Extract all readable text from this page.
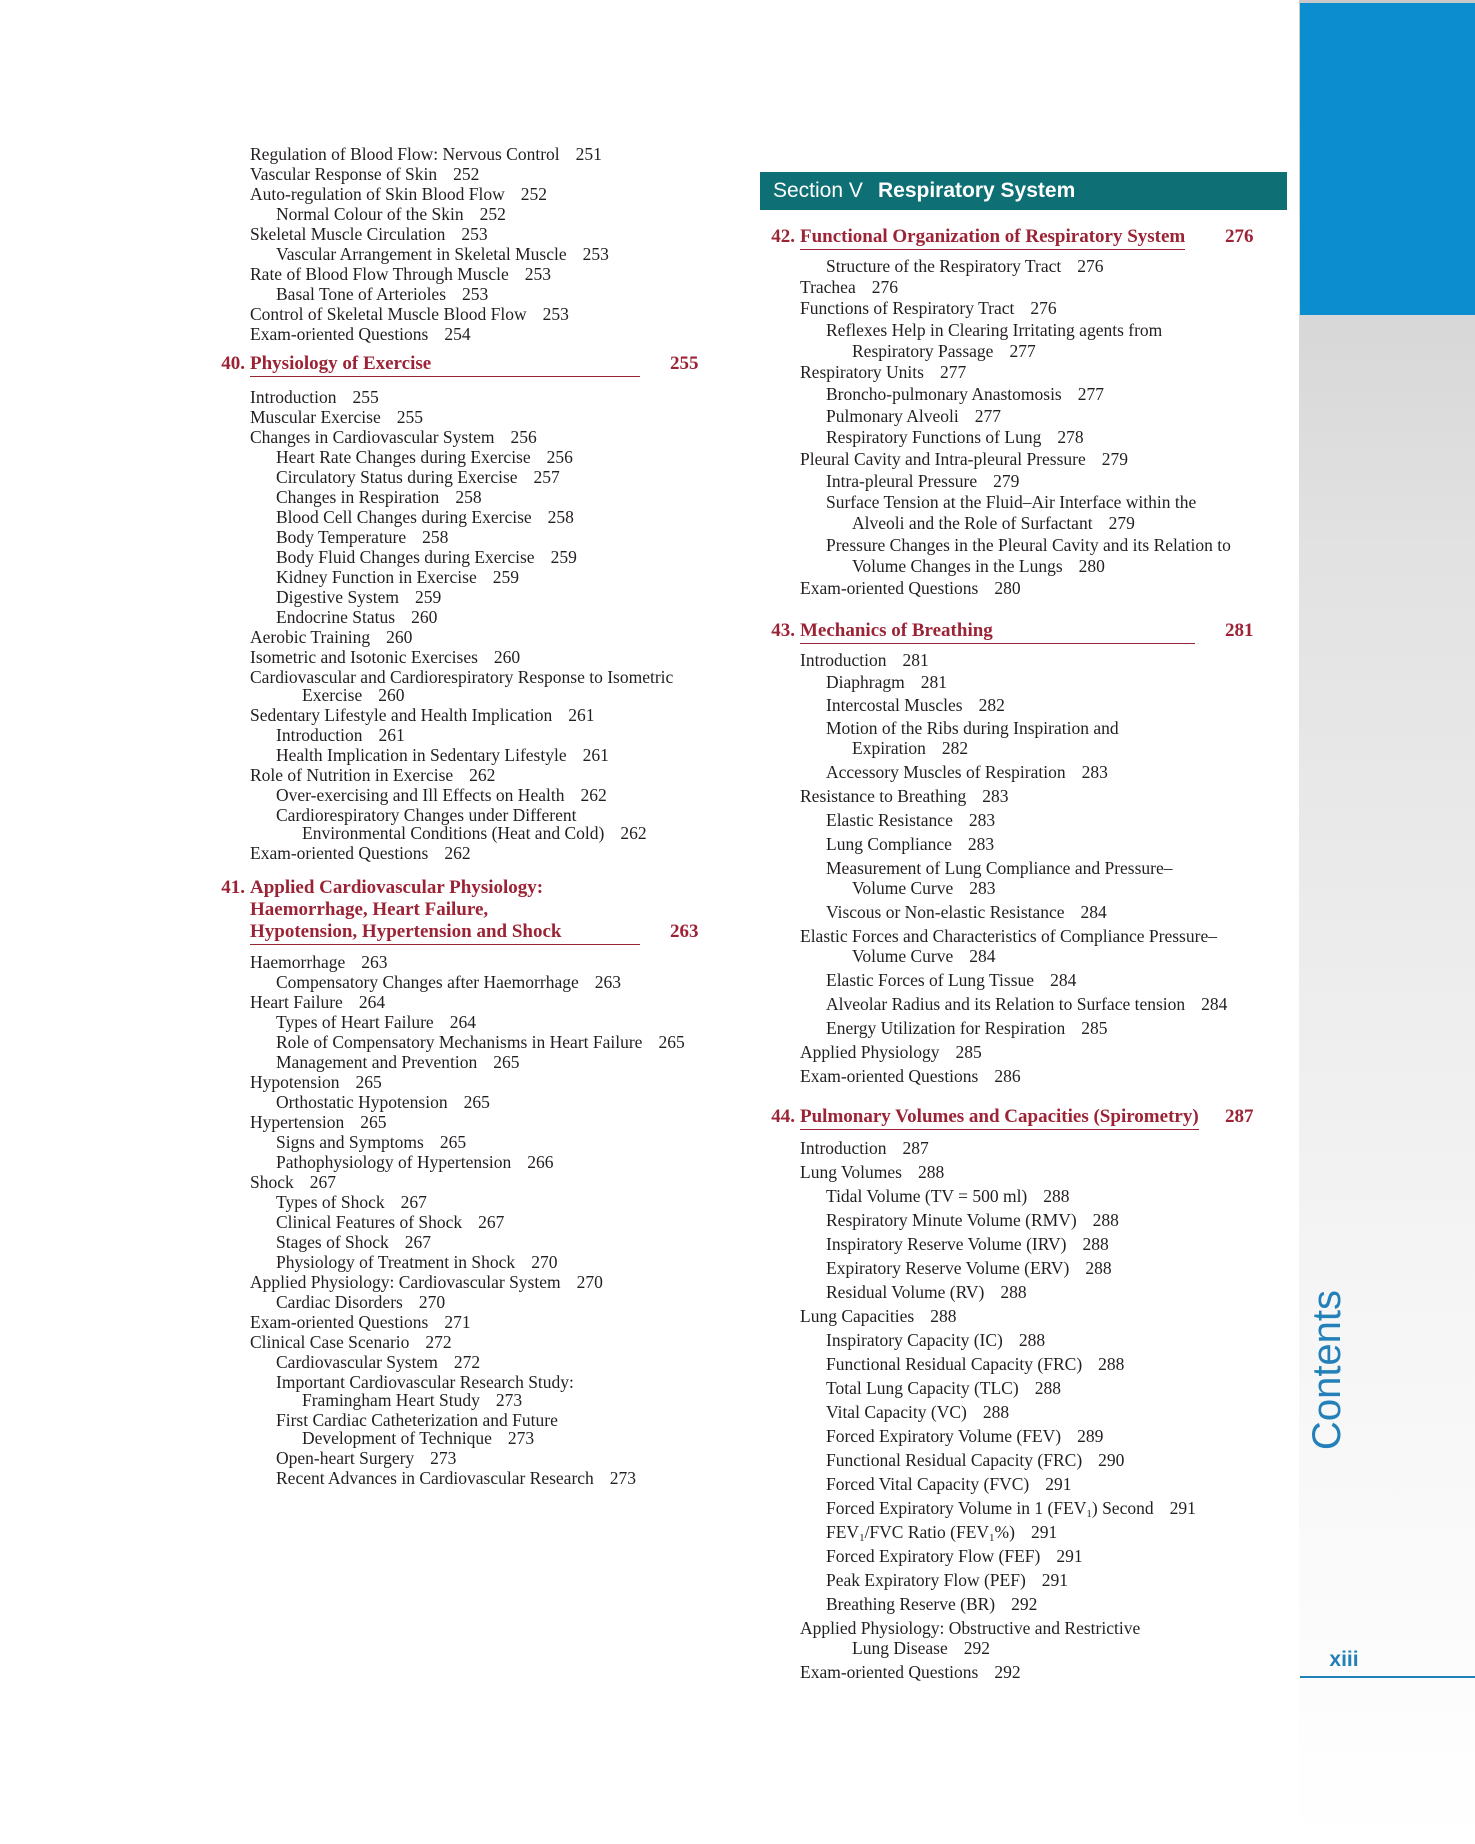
Contents
xiii
Regulation of Blood Flow: Nervous Control 251
Vascular Response of Skin 252
Auto-regulation of Skin Blood Flow 252
Normal Colour of the Skin 252
Skeletal Muscle Circulation 253
Vascular Arrangement in Skeletal Muscle 253
Rate of Blood Flow Through Muscle 253
Basal Tone of Arterioles 253
Control of Skeletal Muscle Blood Flow 253
Exam-oriented Questions 254
40. Physiology of Exercise	255
Introduction 255
Muscular Exercise 255
Changes in Cardiovascular System 256
Heart Rate Changes during Exercise 256
Circulatory Status during Exercise 257
Changes in Respiration 258
Blood Cell Changes during Exercise 258
Body Temperature 258
Body Fluid Changes during Exercise 259
Kidney Function in Exercise 259
Digestive System 259
Endocrine Status 260
Aerobic Training 260
Isometric and Isotonic Exercises 260
Cardiovascular and Cardiorespiratory Response to Isometric
Exercise 260
Sedentary Lifestyle and Health Implication 261
Introduction 261
Health Implication in Sedentary Lifestyle 261
Role of Nutrition in Exercise 262
Over-exercising and Ill Effects on Health 262
Cardiorespiratory Changes under Different
Environmental Conditions (Heat and Cold) 262
Exam-oriented Questions 262
41. Applied Cardiovascular Physiology:
Haemorrhage, Heart Failure,
Hypotension, Hypertension and Shock	263
Haemorrhage 263
Compensatory Changes after Haemorrhage 263
Heart Failure 264
Types of Heart Failure 264
Role of Compensatory Mechanisms in Heart Failure 265
Management and Prevention 265
Hypotension 265
Orthostatic Hypotension 265
Hypertension 265
Signs and Symptoms 265
Pathophysiology of Hypertension 266
Shock 267
Types of Shock 267
Clinical Features of Shock 267
Stages of Shock 267
Physiology of Treatment in Shock 270
Applied Physiology: Cardiovascular System 270
Cardiac Disorders 270
Exam-oriented Questions 271
Clinical Case Scenario 272
Cardiovascular System 272
Important Cardiovascular Research Study:
Framingham Heart Study 273
First Cardiac Catheterization and Future
Development of Technique 273
Open-heart Surgery 273
Recent Advances in Cardiovascular Research 273
Section V Respiratory System
42. Functional Organization of Respiratory System 276
Structure of the Respiratory Tract 276
Trachea 276
Functions of Respiratory Tract 276
Reflexes Help in Clearing Irritating agents from
Respiratory Passage 277
Respiratory Units 277
Broncho-pulmonary Anastomosis 277
Pulmonary Alveoli 277
Respiratory Functions of Lung 278
Pleural Cavity and Intra-pleural Pressure 279
Intra-pleural Pressure 279
Surface Tension at the Fluid–Air Interface within the
Alveoli and the Role of Surfactant 279
Pressure Changes in the Pleural Cavity and its Relation to
Volume Changes in the Lungs 280
Exam-oriented Questions 280
43. Mechanics of Breathing	281
Introduction 281
Diaphragm 281
Intercostal Muscles 282
Motion of the Ribs during Inspiration and
Expiration 282
Accessory Muscles of Respiration 283
Resistance to Breathing 283
Elastic Resistance 283
Lung Compliance 283
Measurement of Lung Compliance and Pressure–
Volume Curve 283
Viscous or Non-elastic Resistance 284
Elastic Forces and Characteristics of Compliance Pressure–
Volume Curve 284
Elastic Forces of Lung Tissue 284
Alveolar Radius and its Relation to Surface tension 284
Energy Utilization for Respiration 285
Applied Physiology 285
Exam-oriented Questions 286
44. Pulmonary Volumes and Capacities (Spirometry) 287
Introduction 287
Lung Volumes 288
Tidal Volume (TV = 500 ml) 288
Respiratory Minute Volume (RMV) 288
Inspiratory Reserve Volume (IRV) 288
Expiratory Reserve Volume (ERV) 288
Residual Volume (RV) 288
Lung Capacities 288
Inspiratory Capacity (IC) 288
Functional Residual Capacity (FRC) 288
Total Lung Capacity (TLC) 288
Vital Capacity (VC) 288
Forced Expiratory Volume (FEV) 289
Functional Residual Capacity (FRC) 290
Forced Vital Capacity (FVC) 291
Forced Expiratory Volume in 1 $(FEV_1)$ Second 291
$FEV_1$/FVC Ratio $(FEV_1\%)$ 291
Forced Expiratory Flow (FEF) 291
Peak Expiratory Flow (PEF) 291
Breathing Reserve (BR) 292
Applied Physiology: Obstructive and Restrictive
Lung Disease 292
Exam-oriented Questions 292
